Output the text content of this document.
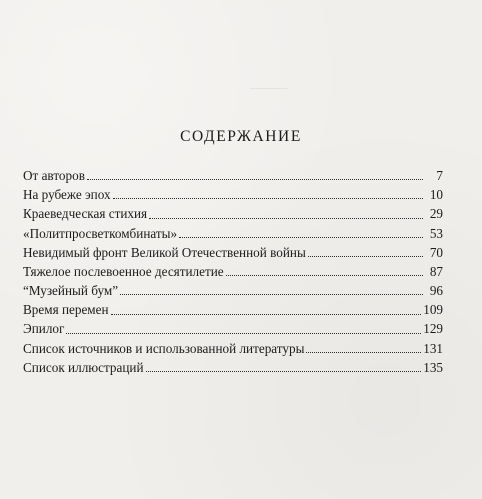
СОДЕРЖАНИЕ
От авторов	7
На рубеже эпох	10
Краеведческая стихия	29
«Политпросветкомбинаты»	53
Невидимый фронт Великой Отечественной войны	70
Тяжелое послевоенное десятилетие	87
“Музейный бум”	96
Время перемен	109
Эпилог	129
Список источников и использованной литературы	131
Список иллюстраций	135
